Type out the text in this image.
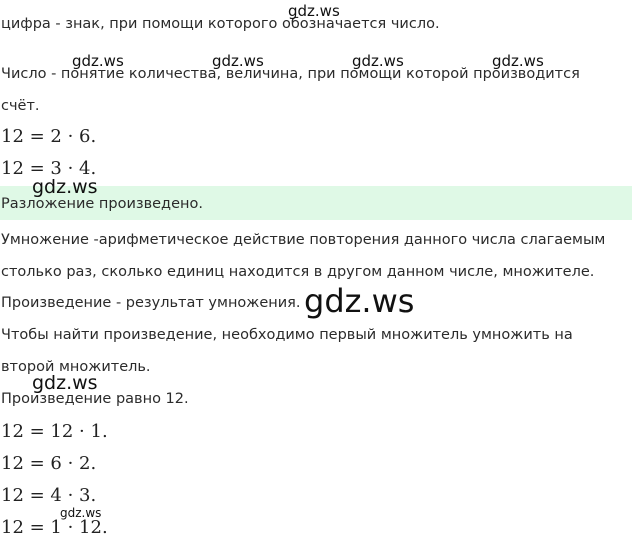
цифра - знак, при помощи которого обозначается число.
Число - понятие количества, величина, при помощи которой производится
счёт.
12 = 2 · 6.
12 = 3 · 4.
Разложение произведено.
Умножение -арифметическое действие повторения данного числа слагаемым
столько раз, сколько единиц находится в другом данном числе, множителе.
Произведение - результат умножения.
Чтобы найти произведение, необходимо первый множитель умножить на
второй множитель.
Произведение равно 12.
12 = 12 · 1.
12 = 6 · 2.
12 = 4 · 3.
12 = 1 · 12.
gdz.ws
gdz.ws	gdz.ws	gdz.ws	gdz.ws
gdz.ws
gdz.ws
gdz.ws
gdz.ws
